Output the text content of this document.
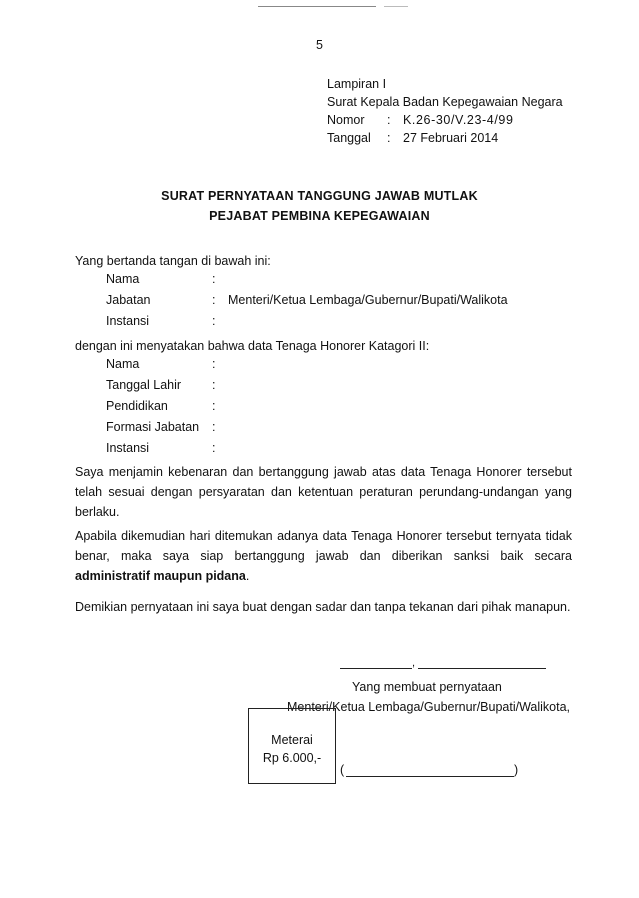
5
Lampiran I
Surat Kepala Badan Kepegawaian Negara
Nomor : K.26-30/V.23-4/99
Tanggal : 27 Februari 2014
SURAT PERNYATAAN TANGGUNG JAWAB MUTLAK
PEJABAT PEMBINA KEPEGAWAIAN
Yang bertanda tangan di bawah ini:
Nama	:
Jabatan	: Menteri/Ketua Lembaga/Gubernur/Bupati/Walikota
Instansi	:
dengan ini menyatakan bahwa data Tenaga Honorer Katagori II:
Nama	:
Tanggal Lahir :
Pendidikan	:
Formasi Jabatan :
Instansi	:
Saya menjamin kebenaran dan bertanggung jawab atas data Tenaga Honorer tersebut telah sesuai dengan persyaratan dan ketentuan peraturan perundang-undangan yang berlaku.
Apabila dikemudian hari ditemukan adanya data Tenaga Honorer tersebut ternyata tidak benar, maka saya siap bertanggung jawab dan diberikan sanksi baik secara administratif maupun pidana.
Demikian pernyataan ini saya buat dengan sadar dan tanpa tekanan dari pihak manapun.
,
Yang membuat pernyataan
Menteri/Ketua Lembaga/Gubernur/Bupati/Walikota,
Meterai
Rp 6.000,-
(	)
